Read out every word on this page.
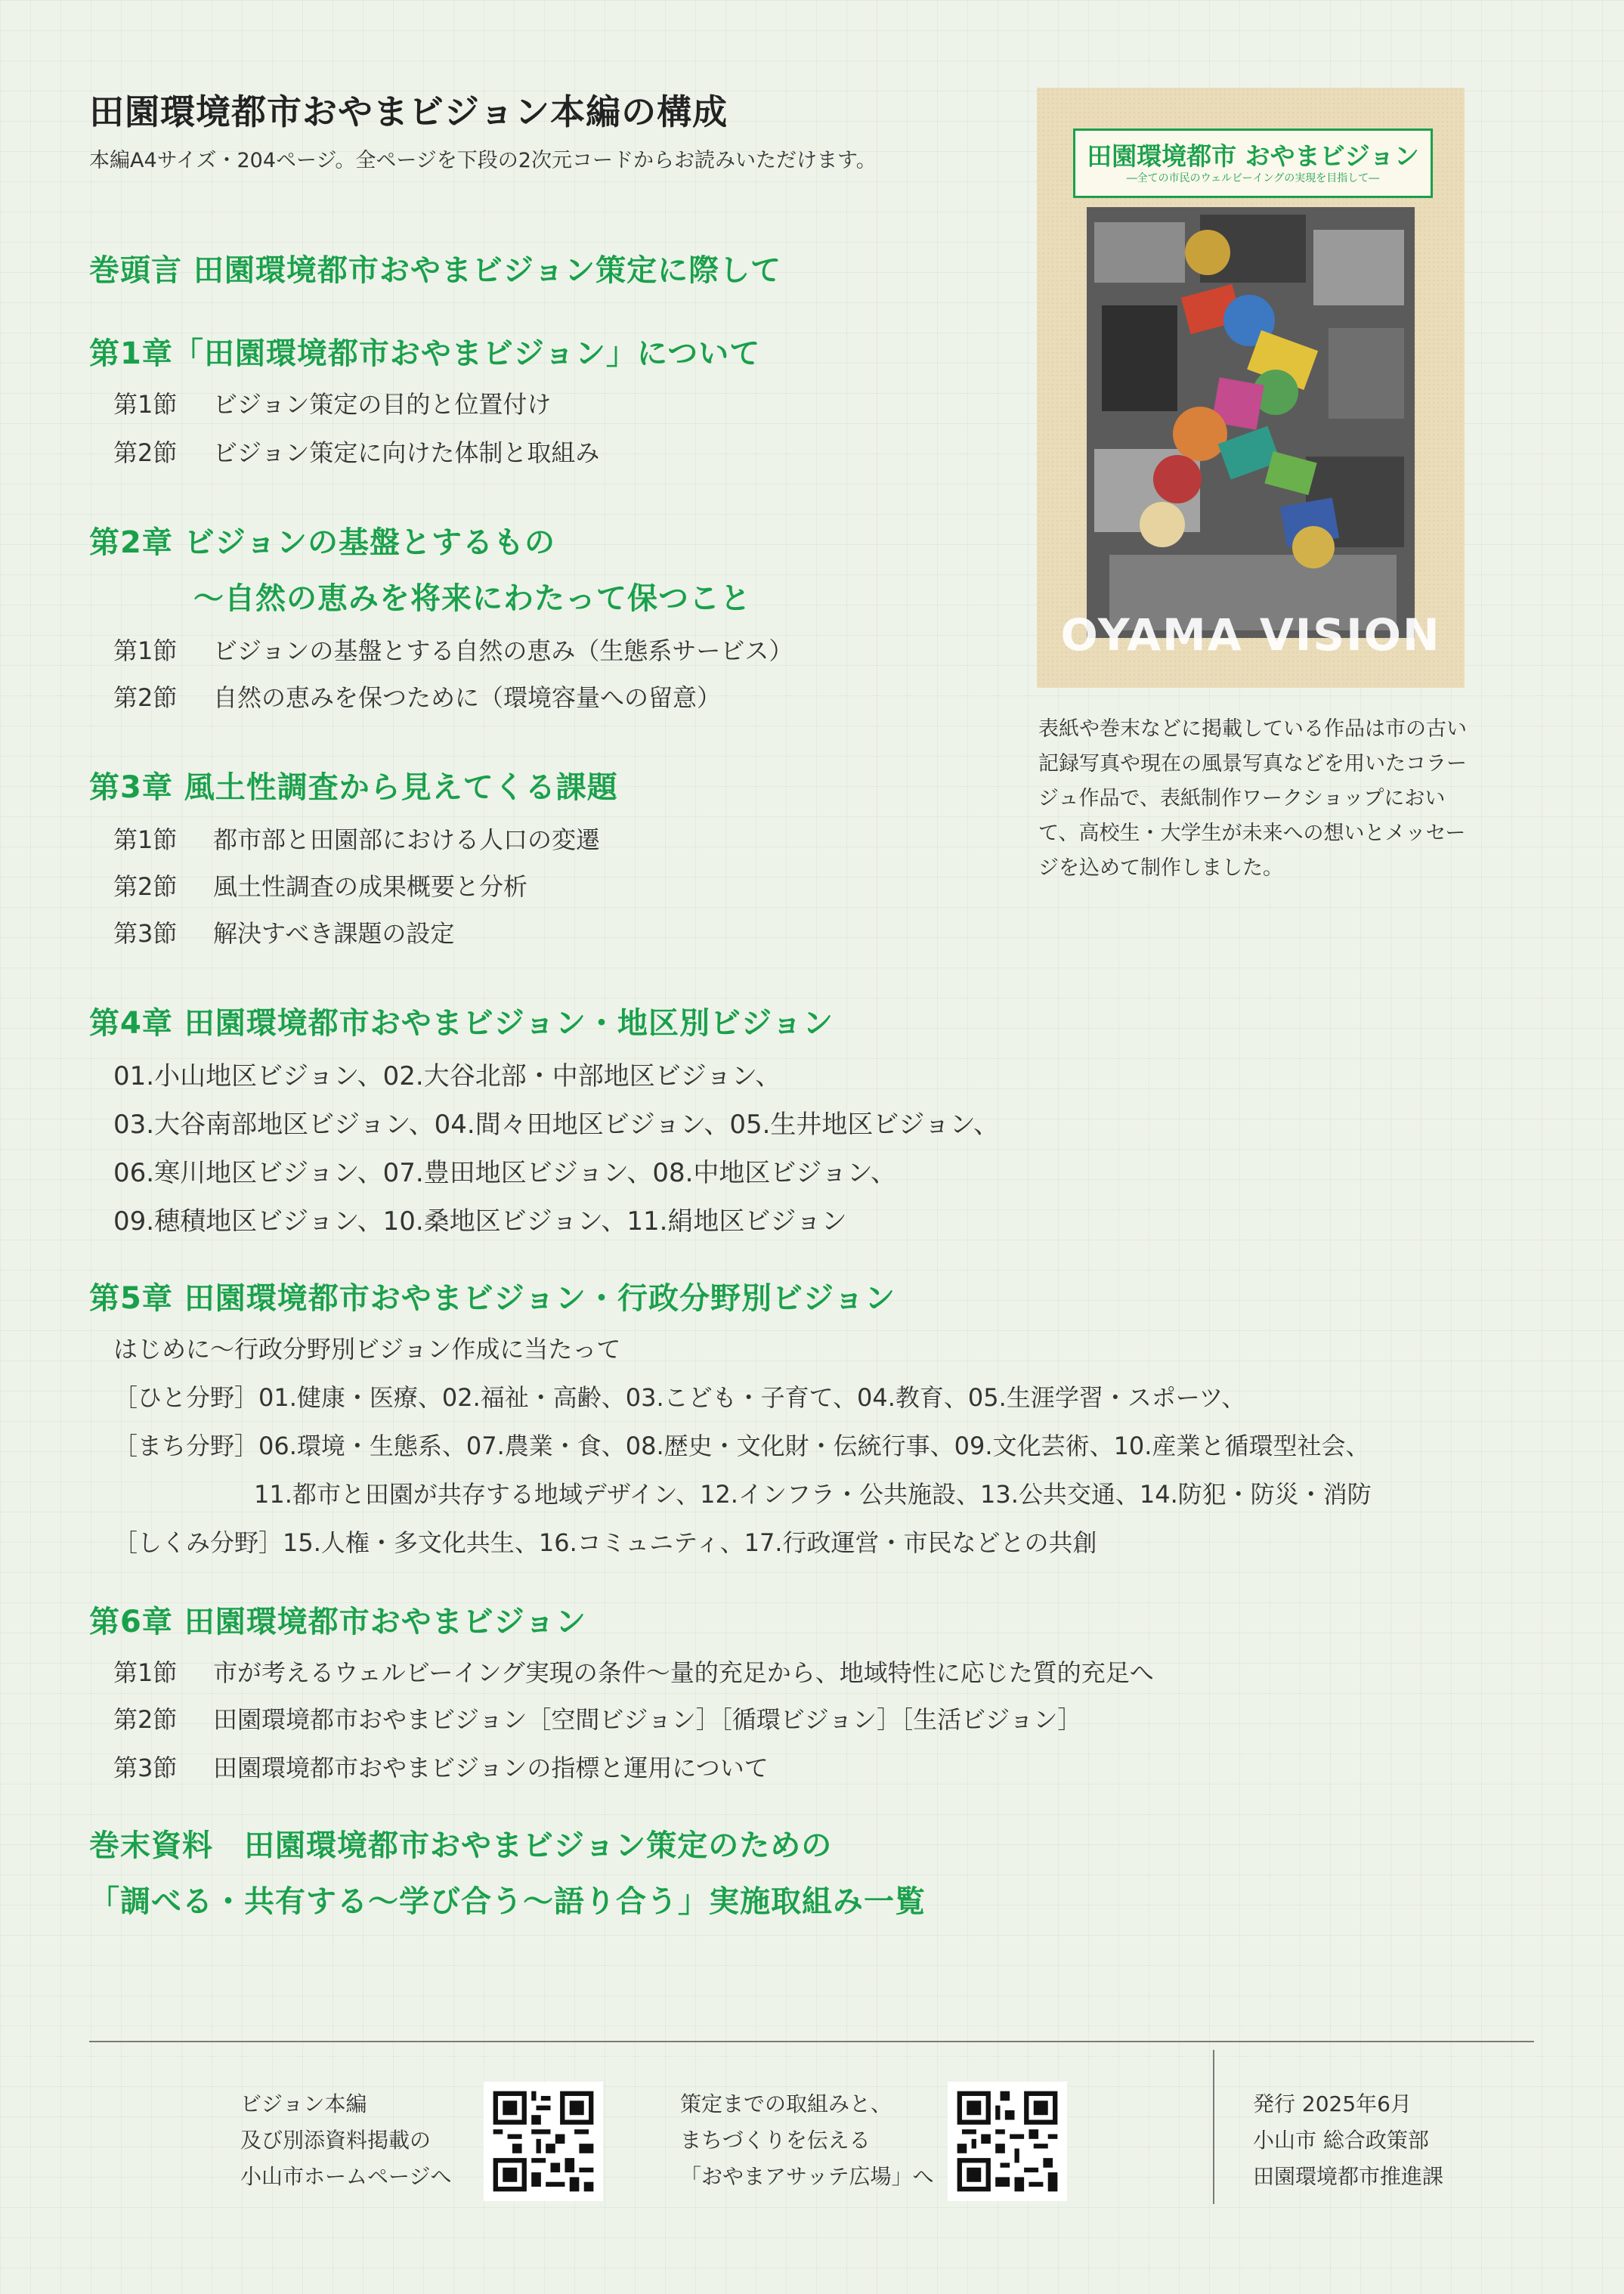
田園環境都市おやまビジョン本編の構成
本編A4サイズ・204ページ。全ページを下段の2次元コードからお読みいただけます。
巻頭言 田園環境都市おやまビジョン策定に際して
第1章「田園環境都市おやまビジョン」について
第1節 ビジョン策定の目的と位置付け
第2節 ビジョン策定に向けた体制と取組み
第2章 ビジョンの基盤とするもの
～自然の恵みを将来にわたって保つこと
第1節 ビジョンの基盤とする自然の恵み（生態系サービス）
第2節 自然の恵みを保つために（環境容量への留意）
第3章 風土性調査から見えてくる課題
第1節 都市部と田園部における人口の変遷
第2節 風土性調査の成果概要と分析
第3節 解決すべき課題の設定
第4章 田園環境都市おやまビジョン・地区別ビジョン
01.小山地区ビジョン、02.大谷北部・中部地区ビジョン、
03.大谷南部地区ビジョン、04.間々田地区ビジョン、05.生井地区ビジョン、
06.寒川地区ビジョン、07.豊田地区ビジョン、08.中地区ビジョン、
09.穂積地区ビジョン、10.桑地区ビジョン、11.絹地区ビジョン
第5章 田園環境都市おやまビジョン・行政分野別ビジョン
はじめに～行政分野別ビジョン作成に当たって
［ひと分野］01.健康・医療、02.福祉・高齢、03.こども・子育て、04.教育、05.生涯学習・スポーツ、
［まち分野］06.環境・生態系、07.農業・食、08.歴史・文化財・伝統行事、09.文化芸術、10.産業と循環型社会、
11.都市と田園が共存する地域デザイン、12.インフラ・公共施設、13.公共交通、14.防犯・防災・消防
［しくみ分野］15.人権・多文化共生、16.コミュニティ、17.行政運営・市民などとの共創
第6章 田園環境都市おやまビジョン
第1節 市が考えるウェルビーイング実現の条件～量的充足から、地域特性に応じた質的充足へ
第2節 田園環境都市おやまビジョン［空間ビジョン］［循環ビジョン］［生活ビジョン］
第3節 田園環境都市おやまビジョンの指標と運用について
巻末資料　田園環境都市おやまビジョン策定のための
「調べる・共有する～学び合う～語り合う」実施取組み一覧
田園環境都市 おやまビジョン
―全ての市民のウェルビーイングの実現を目指して―
OYAMA VISION
表紙や巻末などに掲載している作品は市の古い記録写真や現在の風景写真などを用いたコラージュ作品で、表紙制作ワークショップにおいて、高校生・大学生が未来への想いとメッセージを込めて制作しました。
ビジョン本編
及び別添資料掲載の
小山市ホームページへ
策定までの取組みと、
まちづくりを伝える
「おやまアサッテ広場」へ
発行 2025年6月
小山市 総合政策部
田園環境都市推進課
